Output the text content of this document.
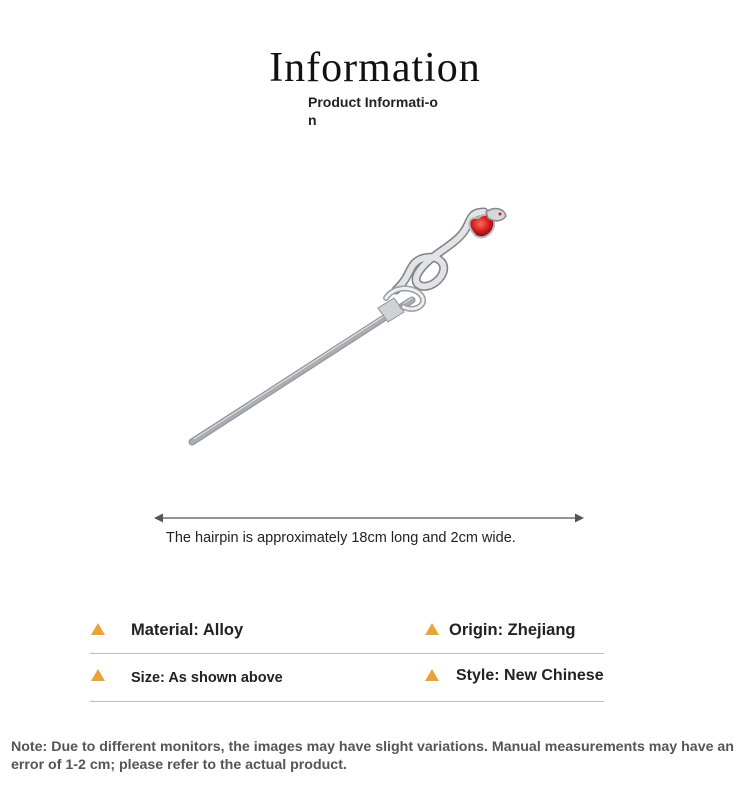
Information
Product Informati-on
The hairpin is approximately 18cm long and 2cm wide.
Material: Alloy	Origin: Zhejiang
Size: As shown above	Style: New Chinese
Note: Due to different monitors, the images may have slight variations. Manual measurements may have an error of 1-2 cm; please refer to the actual product.
